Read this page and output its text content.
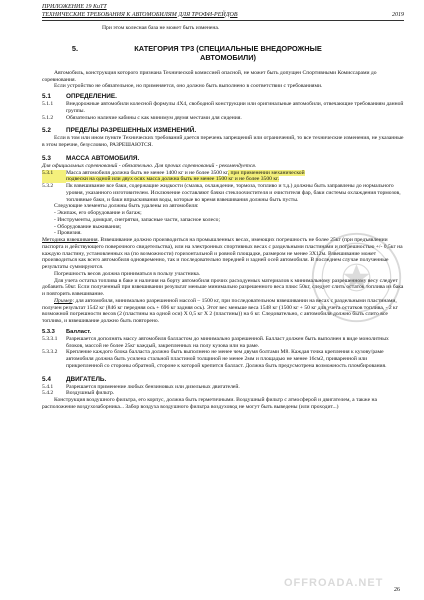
ПРИЛОЖЕНИЕ 19 КиТТ
ТЕХНИЧЕСКИЕ ТРЕБОВАНИЯ К АВТОМОБИЛЯМ ДЛЯ ТРОФИ-РЕЙДОВ	2019

При этом колесная база не может быть изменена.

5.	КАТЕГОРИЯ ТР3 (СПЕЦИАЛЬНЫЕ ВНЕДОРОЖНЫЕ
АВТОМОБИЛИ)

Автомобиль, конструкция которого признана Технической комиссией опасной, не может быть допущен Спортивными Комиссарами до соревнования.

Если устройство не обязательное, но применяется, оно должно быть выполнено в соответствии с требованиями.

5.1	ОПРЕДЕЛЕНИЕ.
5.1.1	Внедорожные автомобили колесной формулы 4Х4, свободной конструкции или оригинальные автомобили, отвечающие требованиям данной группы.
5.1.2	Обязательно наличие кабины с как минимум двумя местами для сидения.
5.2	ПРЕДЕЛЫ РАЗРЕШЕННЫХ ИЗМЕНЕНИЙ.

Если в том или ином пункте Технических требований дается перечень запрещений или ограничений, то все технические изменения, не указанные в этом перечне, безусловно, РАЗРЕШАЮТСЯ.

5.3	МАССА АВТОМОБИЛЯ.

Для официальных соревнований - обязательно. Для прочих соревнований - рекомендуется.

5.3.1	Масса автомобиля должна быть не менее 1400 кг и не более 3500 кг, при применении механической
подвески на одной или двух осях масса должна быть не менее 1500 кг и не более 3500 кг.
5.3.2	Пк взвешивание все баки, содержащие жидкости (смазка, охлаждение, тормоза, топливо и т.д.) должны быть заправлены до нормального уровня, указанного изготовителем. Исключение составляют бачки стеклоочистителя и очистителя фар, баки системы охлаждения тормозов, топливные баки, и баки впрыскивания воды, которые во время взвешивания должны быть пусты.

Следующие элементы должны быть удалены из автомобиля:

- Экипаж, его оборудование и багаж;
- Инструменты, домкрат, снегрятки, запасные части, запасное колесо;
- Оборудование выживания;
- Провизия.

Методика взвешивания. Взвешивание должно производиться на промышленных весах, имеющих погрешность не более 25кг (при предъявлении паспорта и действующего поверочного свидетельства), или на электронных спортивных весах с раздельными пластинами и погрешностью +/- 0,5кг на каждую пластину, установленных на (по возможности) горизонтальной и ровной площадке, размером не менее 3Х12м. Взвешивание может производиться как всего автомобиля одновременно, так и последовательно передней и задней осей автомобиля. В последнем случае полученные результаты суммируются.

Погрешность весов должна приниматься в пользу участника.

Для учета остатка топлива в баке и наличия на борту автомобиля прочих расходуемых материалов к минимальному разрешенному весу следует добавить 50кг. Если полученный при взвешивании результат меньше минимально разрешенного веса плюс 50кг, следует слить остаток топлива из бака и повторить взвешивание.

Пример: для автомобиля, минимально разрешенной массой – 1500 кг, при последовательном взвешивании на весах с раздельными пластинами, получен результат 1542 кг (846 кг передняя ось + 696 кг задняя ось). Этот вес меньше веса 1548 кг (1500 кг + 50 кг для учета остатков топлива, - 2 кг возможной погрешности весов (2 (пластины на одной оси) Х 0,5 кг Х 2 (пластины)) на 6 кг. Следовательно, с автомобиля должно быть слито все топливо, и взвешивание должно быть повторено.

5.3.3	Балласт.
5.3.3.1	Разрешается дополнять массу автомобиля балластом до минимально разрешенной. Балласт должен быть выполнен в виде монолитных блоков, массой не более 25кг каждый, закрепленных на полу кузова или на раме.
5.3.3.2	Крепление каждого блока балласта должно быть выполнено не менее чем двумя болтами М8. Каждая точка крепления к кузову/раме автомобиля должна быть усилена стальной пластиной толщиной не менее 2мм и площадью не менее 16см2, приваренной или прикрепленной со стороны обратной, стороне к которой крепится балласт. Должна быть предусмотрена возможность пломбирования.
5.4	ДВИГАТЕЛЬ.
5.4.1	Разрешается применение любых бензиновых или дизельных двигателей.
5.4.2	Воздушный фильтр.

Конструкция воздушного фильтра, его корпус, должна быть герметичными. Воздушный фильтр с атмосферой и двигателем, а также на расположение воздухозаборника... Забор воздуха воздушного фильтра воздуховод не могут быть выведены (или проходит...)

OFFROADA.NET
26
